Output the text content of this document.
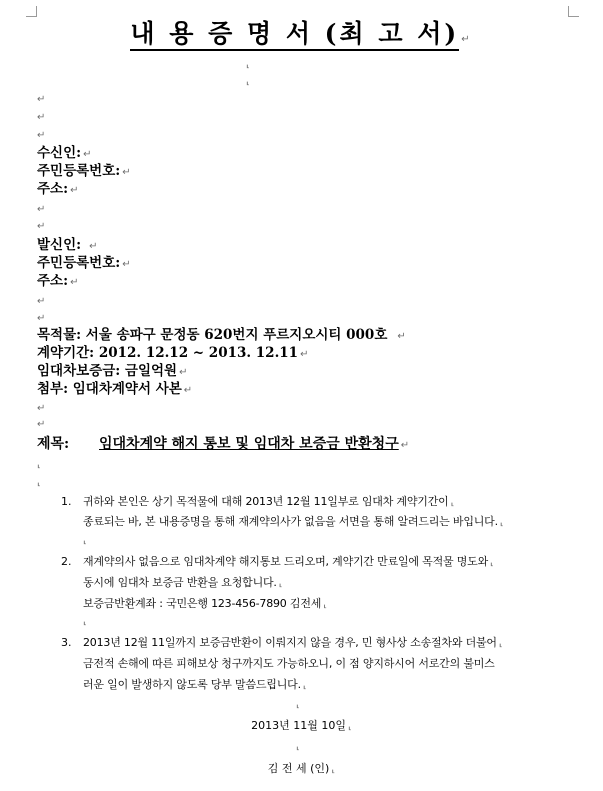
내 용 증 명 서 (최 고 서) ↵
⸤
⸤
↵
↵
↵
수신인: ↵
주민등록번호: ↵
주소: ↵
↵
↵
발신인: ↵
주민등록번호: ↵
주소: ↵
↵
↵
목적물: 서울 송파구 문정동 620번지 푸르지오시티 000호 ↵
계약기간: 2012. 12.12 ~ 2013. 12.11 ↵
임대차보증금: 금일억원 ↵
첨부: 임대차계약서 사본 ↵
↵
↵
제목: 임대차계약 해지 통보 및 임대차 보증금 반환청구 ↵
⸤
⸤
1. 귀하와 본인은 상기 목적물에 대해 2013년 12월 11일부로 임대차 계약기간이 ⸤
종료되는 바, 본 내용증명을 통해 재계약의사가 없음을 서면을 통해 알려드리는 바입니다. ⸤
⸤
2. 재계약의사 없음으로 임대차계약 해지통보 드리오며, 계약기간 만료일에 목적물 명도와 ⸤
동시에 임대차 보증금 반환을 요청합니다. ⸤
보증금반환계좌 : 국민은행 123-456-7890 김전세 ⸤
⸤
3. 2013년 12월 11일까지 보증금반환이 이뤄지지 않을 경우, 민 형사상 소송절차와 더불어 ⸤
금전적 손해에 따른 피해보상 청구까지도 가능하오니, 이 점 양지하시어 서로간의 불미스
러운 일이 발생하지 않도록 당부 말씀드립니다. ⸤
⸤
2013년 11월 10일 ⸤
⸤
김 전 세 (인) ⸤
